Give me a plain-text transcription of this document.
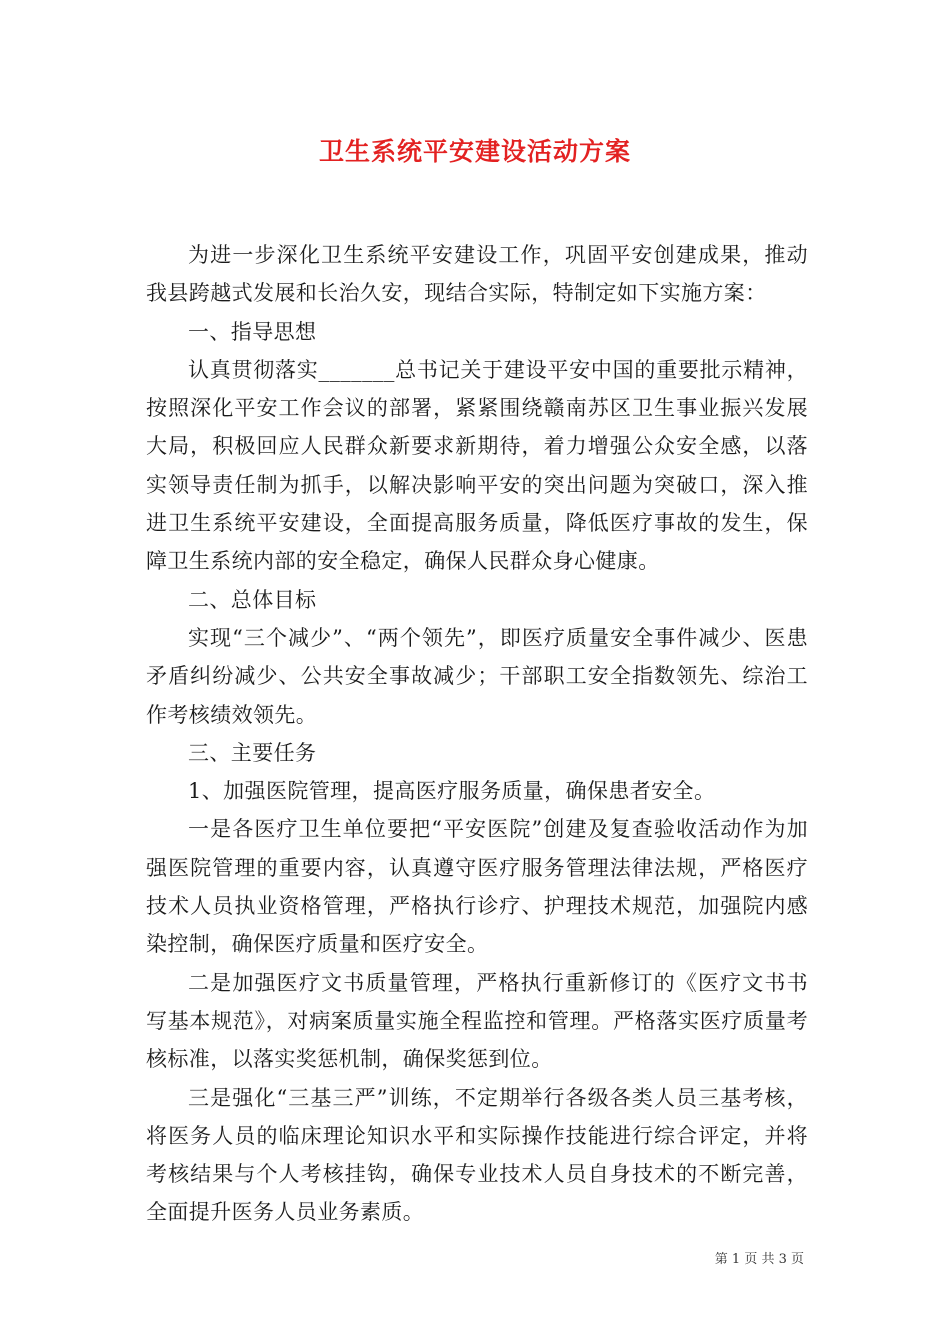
卫生系统平安建设活动方案

为进一步深化卫生系统平安建设工作，巩固平安创建成果，推动我县跨越式发展和长治久安，现结合实际，特制定如下实施方案：

一、指导思想

认真贯彻落实_______总书记关于建设平安中国的重要批示精神，按照深化平安工作会议的部署，紧紧围绕赣南苏区卫生事业振兴发展大局，积极回应人民群众新要求新期待，着力增强公众安全感，以落实领导责任制为抓手，以解决影响平安的突出问题为突破口，深入推进卫生系统平安建设，全面提高服务质量，降低医疗事故的发生，保障卫生系统内部的安全稳定，确保人民群众身心健康。

二、总体目标

实现“三个减少”、“两个领先”，即医疗质量安全事件减少、医患矛盾纠纷减少、公共安全事故减少；干部职工安全指数领先、综治工作考核绩效领先。

三、主要任务

1、加强医院管理，提高医疗服务质量，确保患者安全。

一是各医疗卫生单位要把“平安医院”创建及复查验收活动作为加强医院管理的重要内容，认真遵守医疗服务管理法律法规，严格医疗技术人员执业资格管理，严格执行诊疗、护理技术规范，加强院内感染控制，确保医疗质量和医疗安全。

二是加强医疗文书质量管理，严格执行重新修订的《医疗文书书写基本规范》，对病案质量实施全程监控和管理。严格落实医疗质量考核标准，以落实奖惩机制，确保奖惩到位。

三是强化“三基三严”训练，不定期举行各级各类人员三基考核，将医务人员的临床理论知识水平和实际操作技能进行综合评定，并将考核结果与个人考核挂钩，确保专业技术人员自身技术的不断完善，全面提升医务人员业务素质。

第 1 页 共 3 页
